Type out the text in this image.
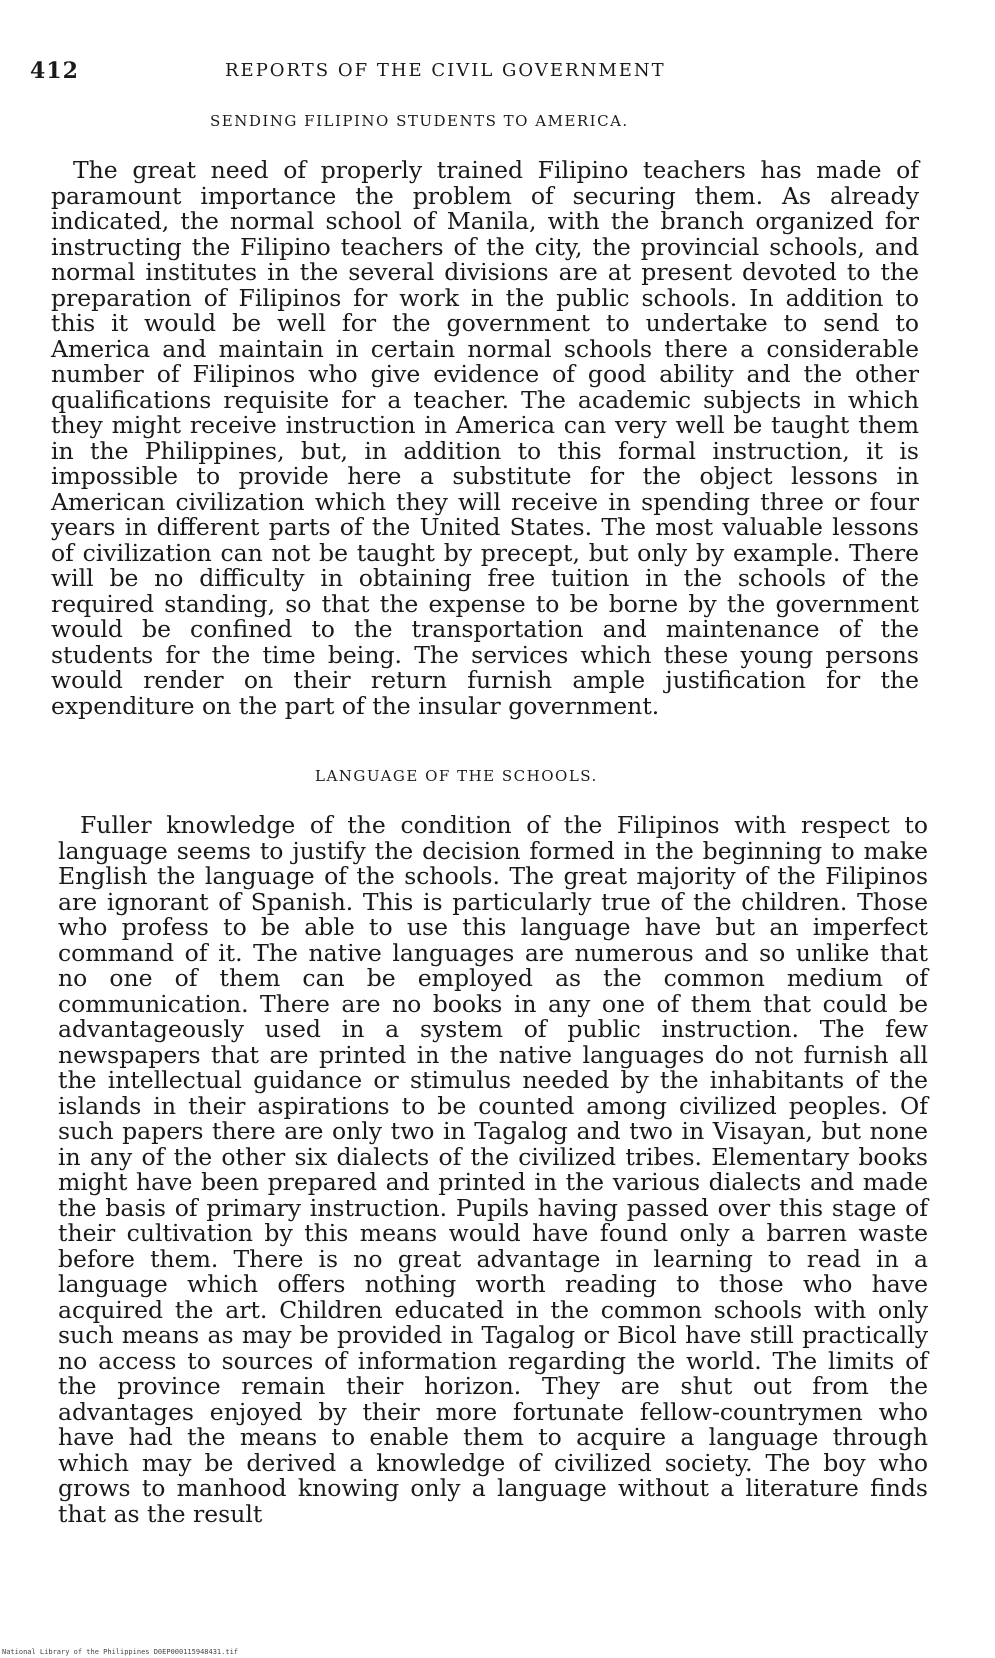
412	REPORTS OF THE CIVIL GOVERNMENT
SENDING FILIPINO STUDENTS TO AMERICA.
The great need of properly trained Filipino teachers has made of paramount importance the problem of securing them. As already indicated, the normal school of Manila, with the branch organized for instructing the Filipino teachers of the city, the provincial schools, and normal institutes in the several divisions are at present devoted to the preparation of Filipinos for work in the public schools. In addition to this it would be well for the government to undertake to send to America and maintain in certain normal schools there a considerable number of Filipinos who give evidence of good ability and the other qualifications requisite for a teacher. The academic subjects in which they might receive instruction in America can very well be taught them in the Philippines, but, in addition to this formal instruction, it is impossible to provide here a substitute for the object lessons in American civilization which they will receive in spending three or four years in different parts of the United States. The most valuable lessons of civilization can not be taught by precept, but only by example. There will be no difficulty in obtaining free tuition in the schools of the required standing, so that the expense to be borne by the government would be confined to the transportation and maintenance of the students for the time being. The services which these young persons would render on their return furnish ample justification for the expenditure on the part of the insular government.
LANGUAGE OF THE SCHOOLS.
Fuller knowledge of the condition of the Filipinos with respect to language seems to justify the decision formed in the beginning to make English the language of the schools. The great majority of the Filipinos are ignorant of Spanish. This is particularly true of the children. Those who profess to be able to use this language have but an imperfect command of it. The native languages are numerous and so unlike that no one of them can be employed as the common medium of communication. There are no books in any one of them that could be advantageously used in a system of public instruction. The few newspapers that are printed in the native languages do not furnish all the intellectual guidance or stimulus needed by the inhabitants of the islands in their aspirations to be counted among civilized peoples. Of such papers there are only two in Tagalog and two in Visayan, but none in any of the other six dialects of the civilized tribes. Elementary books might have been prepared and printed in the various dialects and made the basis of primary instruction. Pupils having passed over this stage of their cultivation by this means would have found only a barren waste before them. There is no great advantage in learning to read in a language which offers nothing worth reading to those who have acquired the art. Children educated in the common schools with only such means as may be provided in Tagalog or Bicol have still practically no access to sources of information regarding the world. The limits of the province remain their horizon. They are shut out from the advantages enjoyed by their more fortunate fellow-countrymen who have had the means to enable them to acquire a language through which may be derived a knowledge of civilized society. The boy who grows to manhood knowing only a language without a literature finds that as the result
National Library of the Philippines D0EP000115948431.tif
